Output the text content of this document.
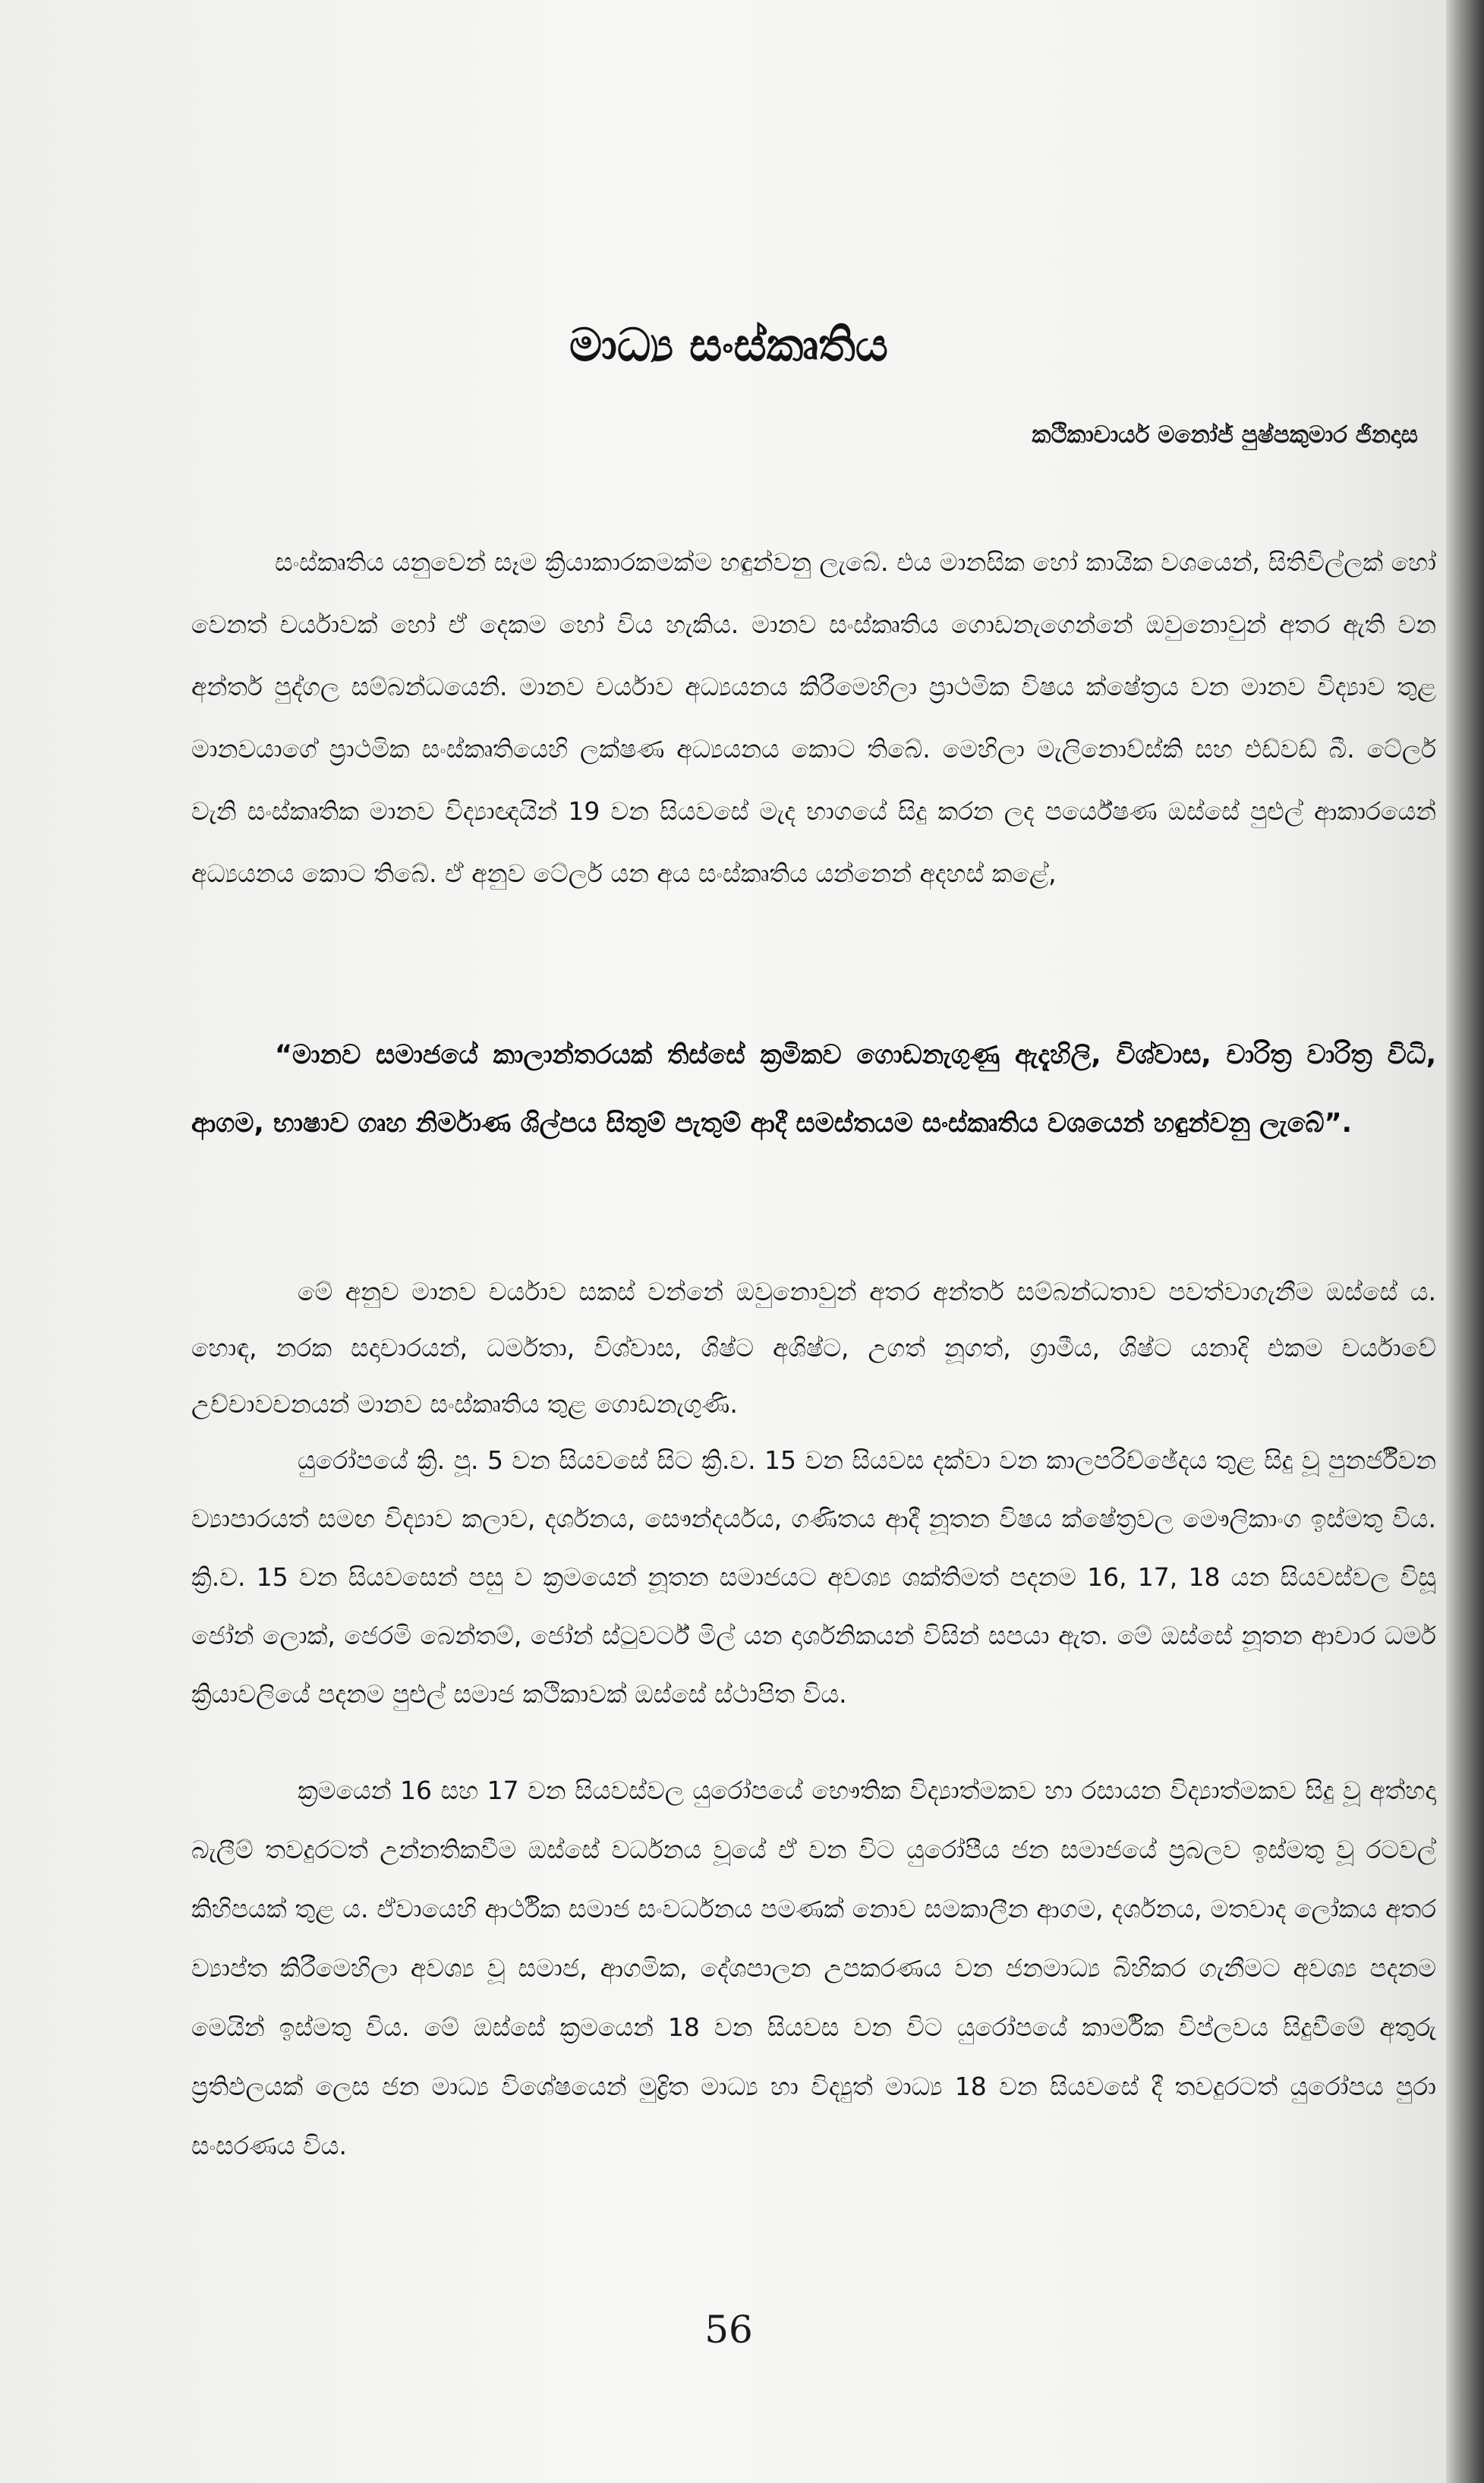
මාධ්‍ය සංස්කෘතිය
කථිකාචාර්ය මනෝජ් පුෂ්පකුමාර ජිනදාස

සංස්කෘතිය යනුවෙන් සෑම ක්‍රියාකාරකමක්ම හඳුන්වනු ලැබේ. එය මානසික හෝ කායික වශයෙන්, සිතිවිල්ලක් හෝ වෙනත් චර්යාවක් හෝ ඒ දෙකම හෝ විය හැකිය. මානව සංස්කෘතිය ගොඩනැගෙන්නේ ඔවුනොවුන් අතර ඇති වන අන්තර් පුද්ගල සම්බන්ධයෙනි. මානව චර්යාව අධ්‍යයනය කිරීමෙහිලා ප්‍රාථමික විෂය ක්ෂේත්‍රය වන මානව විද්‍යාව තුළ මානවයාගේ ප්‍රාථමික සංස්කෘතියෙහි ලක්ෂණ අධ්‍යයනය කොට තිබේ. මෙහිලා මැලිනොව්ස්කි සහ එඩ්වඩ් බී. ටේලර් වැනි සංස්කෘතික මානව විද්‍යාඥයින් 19 වන සියවසේ මැද භාගයේ සිදු කරන ලද පර්යේෂණ ඔස්සේ පුළුල් ආකාරයෙන් අධ්‍යයනය කොට තිබේ. ඒ අනුව ටේලර් යන අය සංස්කෘතිය යන්නෙන් අදහස් කළේ,

“මානව සමාජයේ කාලාන්තරයක් තිස්සේ ක්‍රමිකව ගොඩනැගුණු ඇදැහිලි, විශ්වාස, චාරිත්‍ර වාරිත්‍ර විධි, ආගම, භාෂාව ගෘහ නිර්මාණ ශිල්පය සිතුම් පැතුම් ආදී සමස්තයම සංස්කෘතිය වශයෙන් හඳුන්වනු ලැබේ”.

මේ අනුව මානව චර්යාව සකස් වන්නේ ඔවුනොවුන් අතර අන්තර් සම්බන්ධතාව පවත්වාගැනීම ඔස්සේ ය. හොඳ, නරක සදාචාරයන්, ධර්මතා, විශ්වාස, ශිෂ්ට අශිෂ්ට, උගත් නූගත්, ග්‍රාමීය, ශිෂ්ට යනාදි එකම චර්යාවේ උච්චාවචනයන් මානව සංස්කෘතිය තුළ ගොඩනැගුණි.

යුරෝපයේ ක්‍රි. පූ. 5 වන සියවසේ සිට ක්‍රි.ව. 15 වන සියවස දක්වා වන කාලපරිච්ඡේදය තුළ සිදු වූ පුනර්ජීවන ව්‍යාපාරයත් සමඟ විද්‍යාව කලාව, දර්ශනය, සෞන්දර්යය, ගණිතය ආදී නූතන විෂය ක්ෂේත්‍රවල මෞලිකාංග ඉස්මතු විය. ක්‍රි.ව. 15 වන සියවසෙන් පසු ව ක්‍රමයෙන් නූතන සමාජයට අවශ්‍ය ශක්තිමත් පදනම 16, 17, 18 යන සියවස්වල විසූ ජෝන් ලොක්, ජෙරමි බෙන්තම්, ජෝන් ස්ටුවර්ට් මිල් යන දාර්ශනිකයන් විසින් සපයා ඇත. මේ ඔස්සේ නූතන ආචාර ධර්ම ක්‍රියාවලියේ පදනම පුළුල් සමාජ කථිකාවක් ඔස්සේ ස්ථාපිත විය.

ක්‍රමයෙන් 16 සහ 17 වන සියවස්වල යුරෝපයේ භෞතික විද්‍යාත්මකව හා රසායන විද්‍යාත්මකව සිදු වූ අත්හදා බැලීම් තවදුරටත් උන්නතිකවීම ඔස්සේ වර්ධනය වූයේ ඒ වන විට යුරෝපීය ජන සමාජයේ ප්‍රබලව ඉස්මතු වූ රටවල් කිහිපයක් තුළ ය. ඒවායෙහි ආර්ථික සමාජ සංවර්ධනය පමණක් නොව සමකාලීන ආගම, දර්ශනය, මතවාද ලෝකය අතර ව්‍යාප්ත කිරීමෙහිලා අවශ්‍ය වූ සමාජ, ආගමික, දේශපාලන උපකරණය වන ජනමාධ්‍ය බිහිකර ගැනීමට අවශ්‍ය පදනම මෙයින් ඉස්මතු විය. මේ ඔස්සේ ක්‍රමයෙන් 18 වන සියවස වන විට යුරෝපයේ කාර්මික විප්ලවය සිදුවීමේ අතුරු ප්‍රතිඵලයක් ලෙස ජන මාධ්‍ය විශේෂයෙන් මුද්‍රිත මාධ්‍ය හා විද්‍යුත් මාධ්‍ය 18 වන සියවසේ දී තවදුරටත් යුරෝපය පුරා සංසරණය විය.

56
